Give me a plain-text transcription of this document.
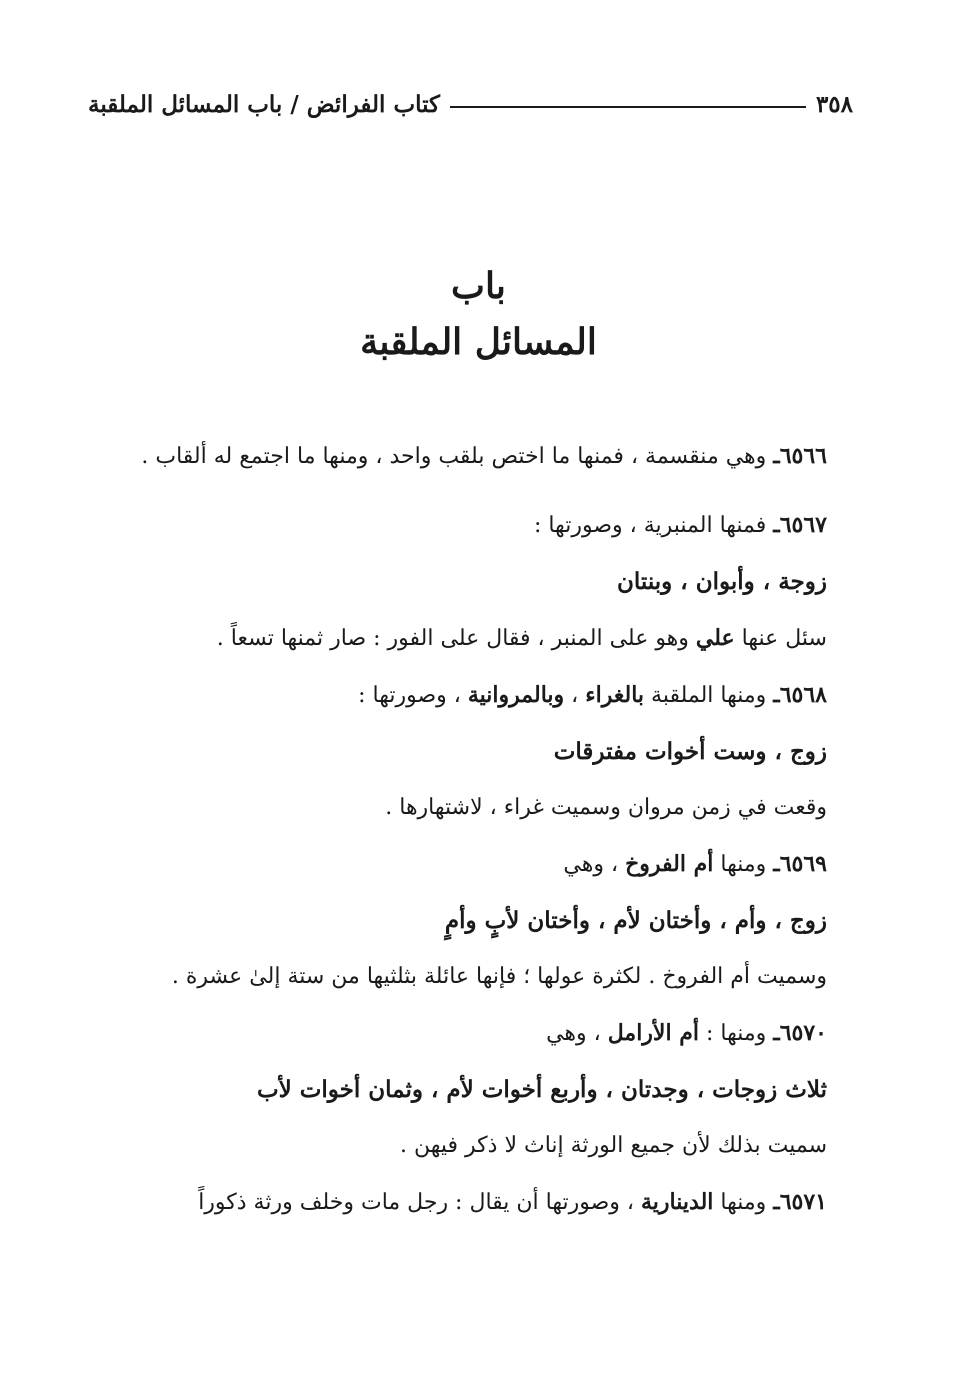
٣٥٨
كتاب الفرائض / باب المسائل الملقبة
باب
المسائل الملقبة

٦٥٦٦ـ وهي منقسمة ، فمنها ما اختص بلقب واحد ، ومنها ما اجتمع له ألقاب .

٦٥٦٧ـ فمنها المنبرية ، وصورتها :

زوجة ، وأبوان ، وبنتان

سئل عنها علي وهو على المنبر ، فقال على الفور : صار ثمنها تسعاً .

٦٥٦٨ـ ومنها الملقبة بالغراء ، وبالمروانية ، وصورتها :

زوج ، وست أخوات مفترقات

وقعت في زمن مروان وسميت غراء ، لاشتهارها .

٦٥٦٩ـ ومنها أم الفروخ ، وهي

زوج ، وأم ، وأختان لأم ، وأختان لأبٍ وأمٍ

وسميت أم الفروخ . لكثرة عولها ؛ فإنها عائلة بثلثيها من ستة إلىٰ عشرة .

٦٥٧٠ـ ومنها : أم الأرامل ، وهي

ثلاث زوجات ، وجدتان ، وأربع أخوات لأم ، وثمان أخوات لأب

سميت بذلك لأن جميع الورثة إناث لا ذكر فيهن .

٦٥٧١ـ ومنها الدينارية ، وصورتها أن يقال : رجل مات وخلف ورثة ذكوراً
